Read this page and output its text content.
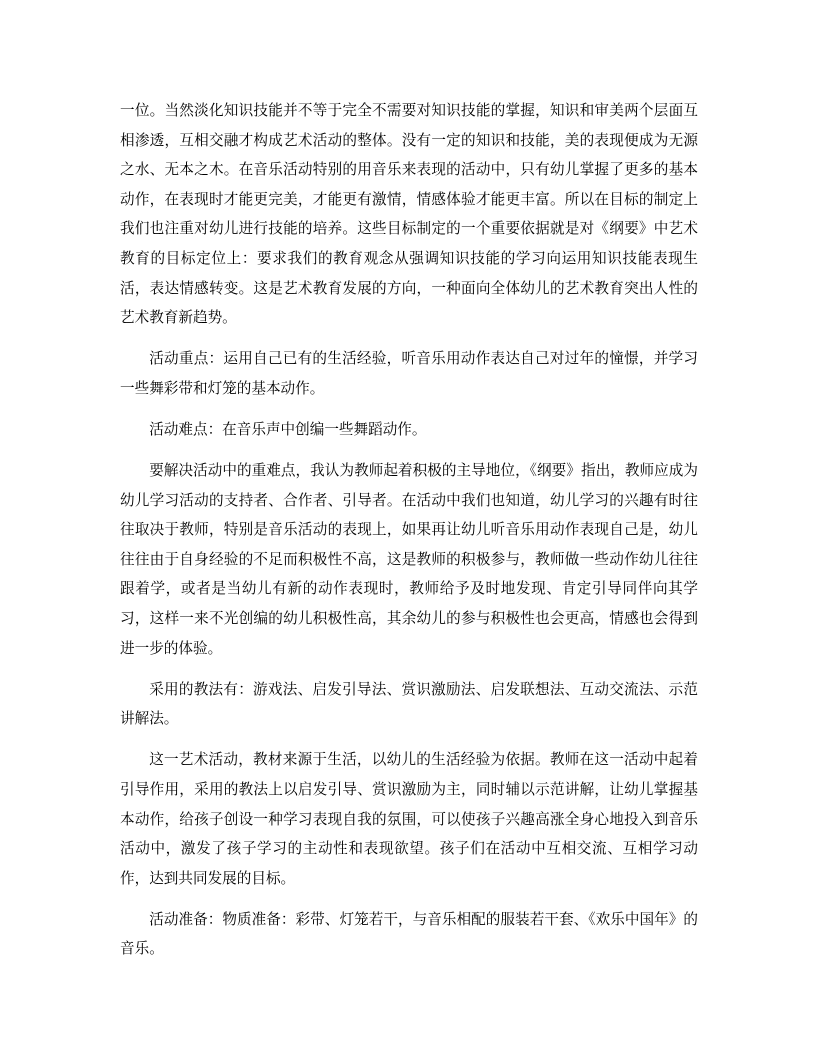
一位。当然淡化知识技能并不等于完全不需要对知识技能的掌握，知识和审美两个层面互相渗透，互相交融才构成艺术活动的整体。没有一定的知识和技能，美的表现便成为无源之水、无本之木。在音乐活动特别的用音乐来表现的活动中，只有幼儿掌握了更多的基本动作，在表现时才能更完美，才能更有激情，情感体验才能更丰富。所以在目标的制定上我们也注重对幼儿进行技能的培养。这些目标制定的一个重要依据就是对《纲要》中艺术教育的目标定位上：要求我们的教育观念从强调知识技能的学习向运用知识技能表现生活，表达情感转变。这是艺术教育发展的方向，一种面向全体幼儿的艺术教育突出人性的艺术教育新趋势。

活动重点：运用自己已有的生活经验，听音乐用动作表达自己对过年的憧憬，并学习一些舞彩带和灯笼的基本动作。

活动难点：在音乐声中创编一些舞蹈动作。

要解决活动中的重难点，我认为教师起着积极的主导地位，《纲要》指出，教师应成为幼儿学习活动的支持者、合作者、引导者。在活动中我们也知道，幼儿学习的兴趣有时往往取决于教师，特别是音乐活动的表现上，如果再让幼儿听音乐用动作表现自己是，幼儿往往由于自身经验的不足而积极性不高，这是教师的积极参与，教师做一些动作幼儿往往跟着学，或者是当幼儿有新的动作表现时，教师给予及时地发现、肯定引导同伴向其学习，这样一来不光创编的幼儿积极性高，其余幼儿的参与积极性也会更高，情感也会得到进一步的体验。

采用的教法有：游戏法、启发引导法、赏识激励法、启发联想法、互动交流法、示范讲解法。

这一艺术活动，教材来源于生活，以幼儿的生活经验为依据。教师在这一活动中起着引导作用，采用的教法上以启发引导、赏识激励为主，同时辅以示范讲解，让幼儿掌握基本动作，给孩子创设一种学习表现自我的氛围，可以使孩子兴趣高涨全身心地投入到音乐活动中，激发了孩子学习的主动性和表现欲望。孩子们在活动中互相交流、互相学习动作，达到共同发展的目标。

活动准备：物质准备：彩带、灯笼若干，与音乐相配的服装若干套、《欢乐中国年》的音乐。
